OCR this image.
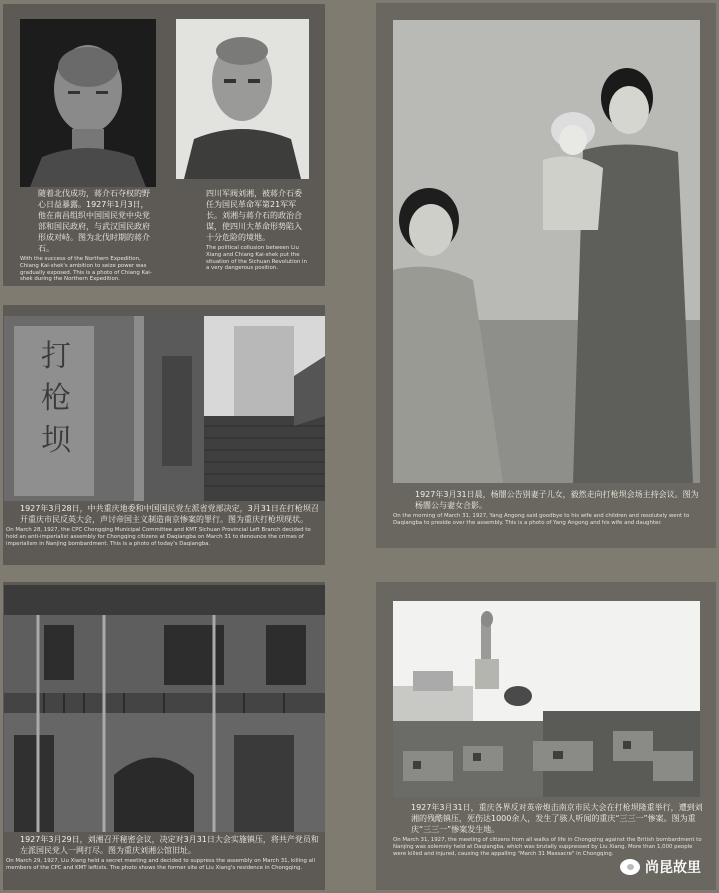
随着北伐成功，蒋介石夺权的野心日益暴露。1927年1月3日，他在南昌组织中国国民党中央党部和国民政府，与武汉国民政府形成对峙。图为北伐时期的蒋介石。

With the success of the Northern Expedition, Chiang Kai-shek's ambition to seize power was gradually exposed. This is a photo of Chiang Kai-shek during the Northern Expedition.

四川军阀刘湘，被蒋介石委任为国民革命军第21军军长。刘湘与蒋介石的政治合谋，使四川大革命形势陷入十分危险的境地。

The political collusion between Liu Xiang and Chiang Kai-shek put the situation of the Sichuan Revolution in a very dangerous position.

打
枪
坝

1927年3月28日，中共重庆地委和中国国民党左派省党部决定，3月31日在打枪坝召开重庆市民反英大会，声讨帝国主义制造南京惨案的罪行。图为重庆打枪坝现状。

On March 28, 1927, the CPC Chongqing Municipal Committee and KMT Sichuan Provincial Left Branch decided to hold an anti-imperialist assembly for Chongqing citizens at Daqiangba on March 31 to denounce the crimes of imperialism in Nanjing bombardment. This is a photo of today's Daqiangba.

1927年3月31日晨，杨闇公告别妻子儿女，毅然走向打枪坝会场主持会议。图为杨闇公与妻女合影。

On the morning of March 31, 1927, Yang Angong said goodbye to his wife and children and resolutely went to Daqiangba to preside over the assembly. This is a photo of Yang Angong and his wife and daughter.

1927年3月29日，刘湘召开秘密会议，决定对3月31日大会实施镇压，将共产党员和左派国民党人一网打尽。图为重庆刘湘公馆旧址。

On March 29, 1927, Liu Xiang held a secret meeting and decided to suppress the assembly on March 31, killing all members of the CPC and KMT leftists. The photo shows the former site of Liu Xiang's residence in Chongqing.

1927年3月31日，重庆各界反对英帝炮击南京市民大会在打枪坝隆重举行，遭到刘湘的残酷镇压，死伤达1000余人，发生了骇人听闻的重庆“三三一”惨案。图为重庆“三三一”惨案发生地。

On March 31, 1927, the meeting of citizens from all walks of life in Chongqing against the British bombardment to Nanjing was solemnly held at Daqiangba, which was brutally suppressed by Liu Xiang. More than 1,000 people were killed and injured, causing the appalling "March 31 Massacre" in Chongqing.

尚昆故里
